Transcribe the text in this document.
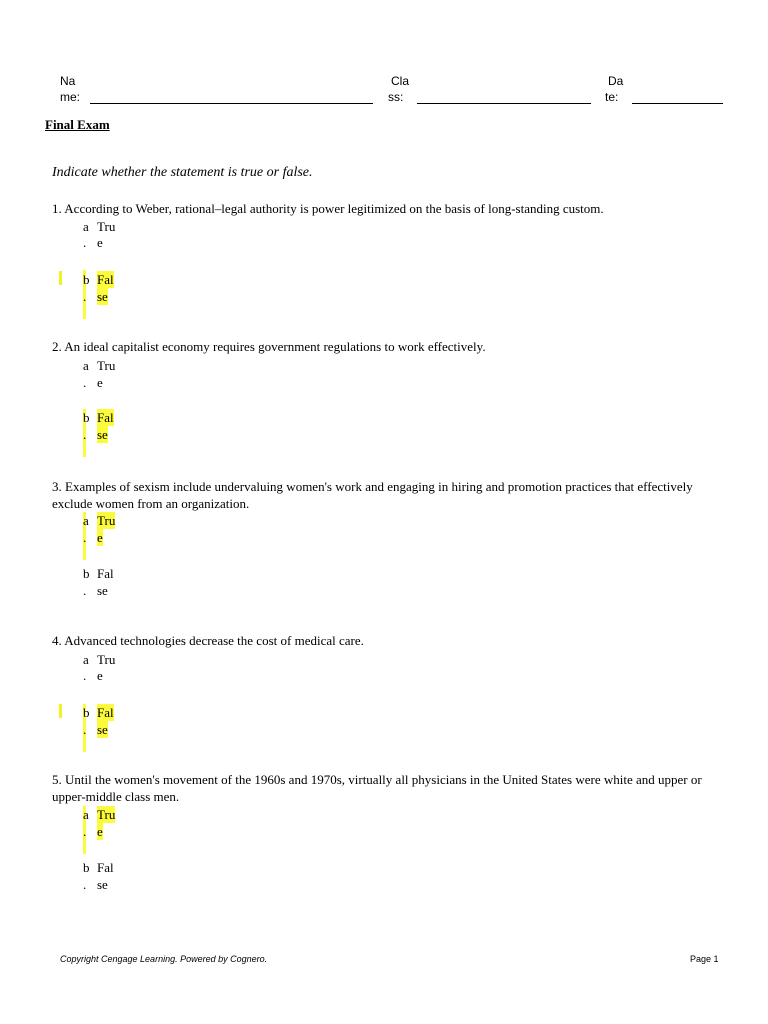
Na
me:
Cla
ss:
Da
te:
Final Exam
Indicate whether the statement is true or false.
1. According to Weber, rational–legal authority is power legitimized on the basis of long-standing custom.
a Tru
. e
b Fal
. se
2. An ideal capitalist economy requires government regulations to work effectively.
a Tru
. e
b Fal
. se
3. Examples of sexism include undervaluing women's work and engaging in hiring and promotion practices that effectively exclude women from an organization.
a Tru
. e
b Fal
. se
4. Advanced technologies decrease the cost of medical care.
a Tru
. e
b Fal
. se
5. Until the women's movement of the 1960s and 1970s, virtually all physicians in the United States were white and upper or upper-middle class men.
a Tru
. e
b Fal
. se
Copyright Cengage Learning. Powered by Cognero.	Page 1
